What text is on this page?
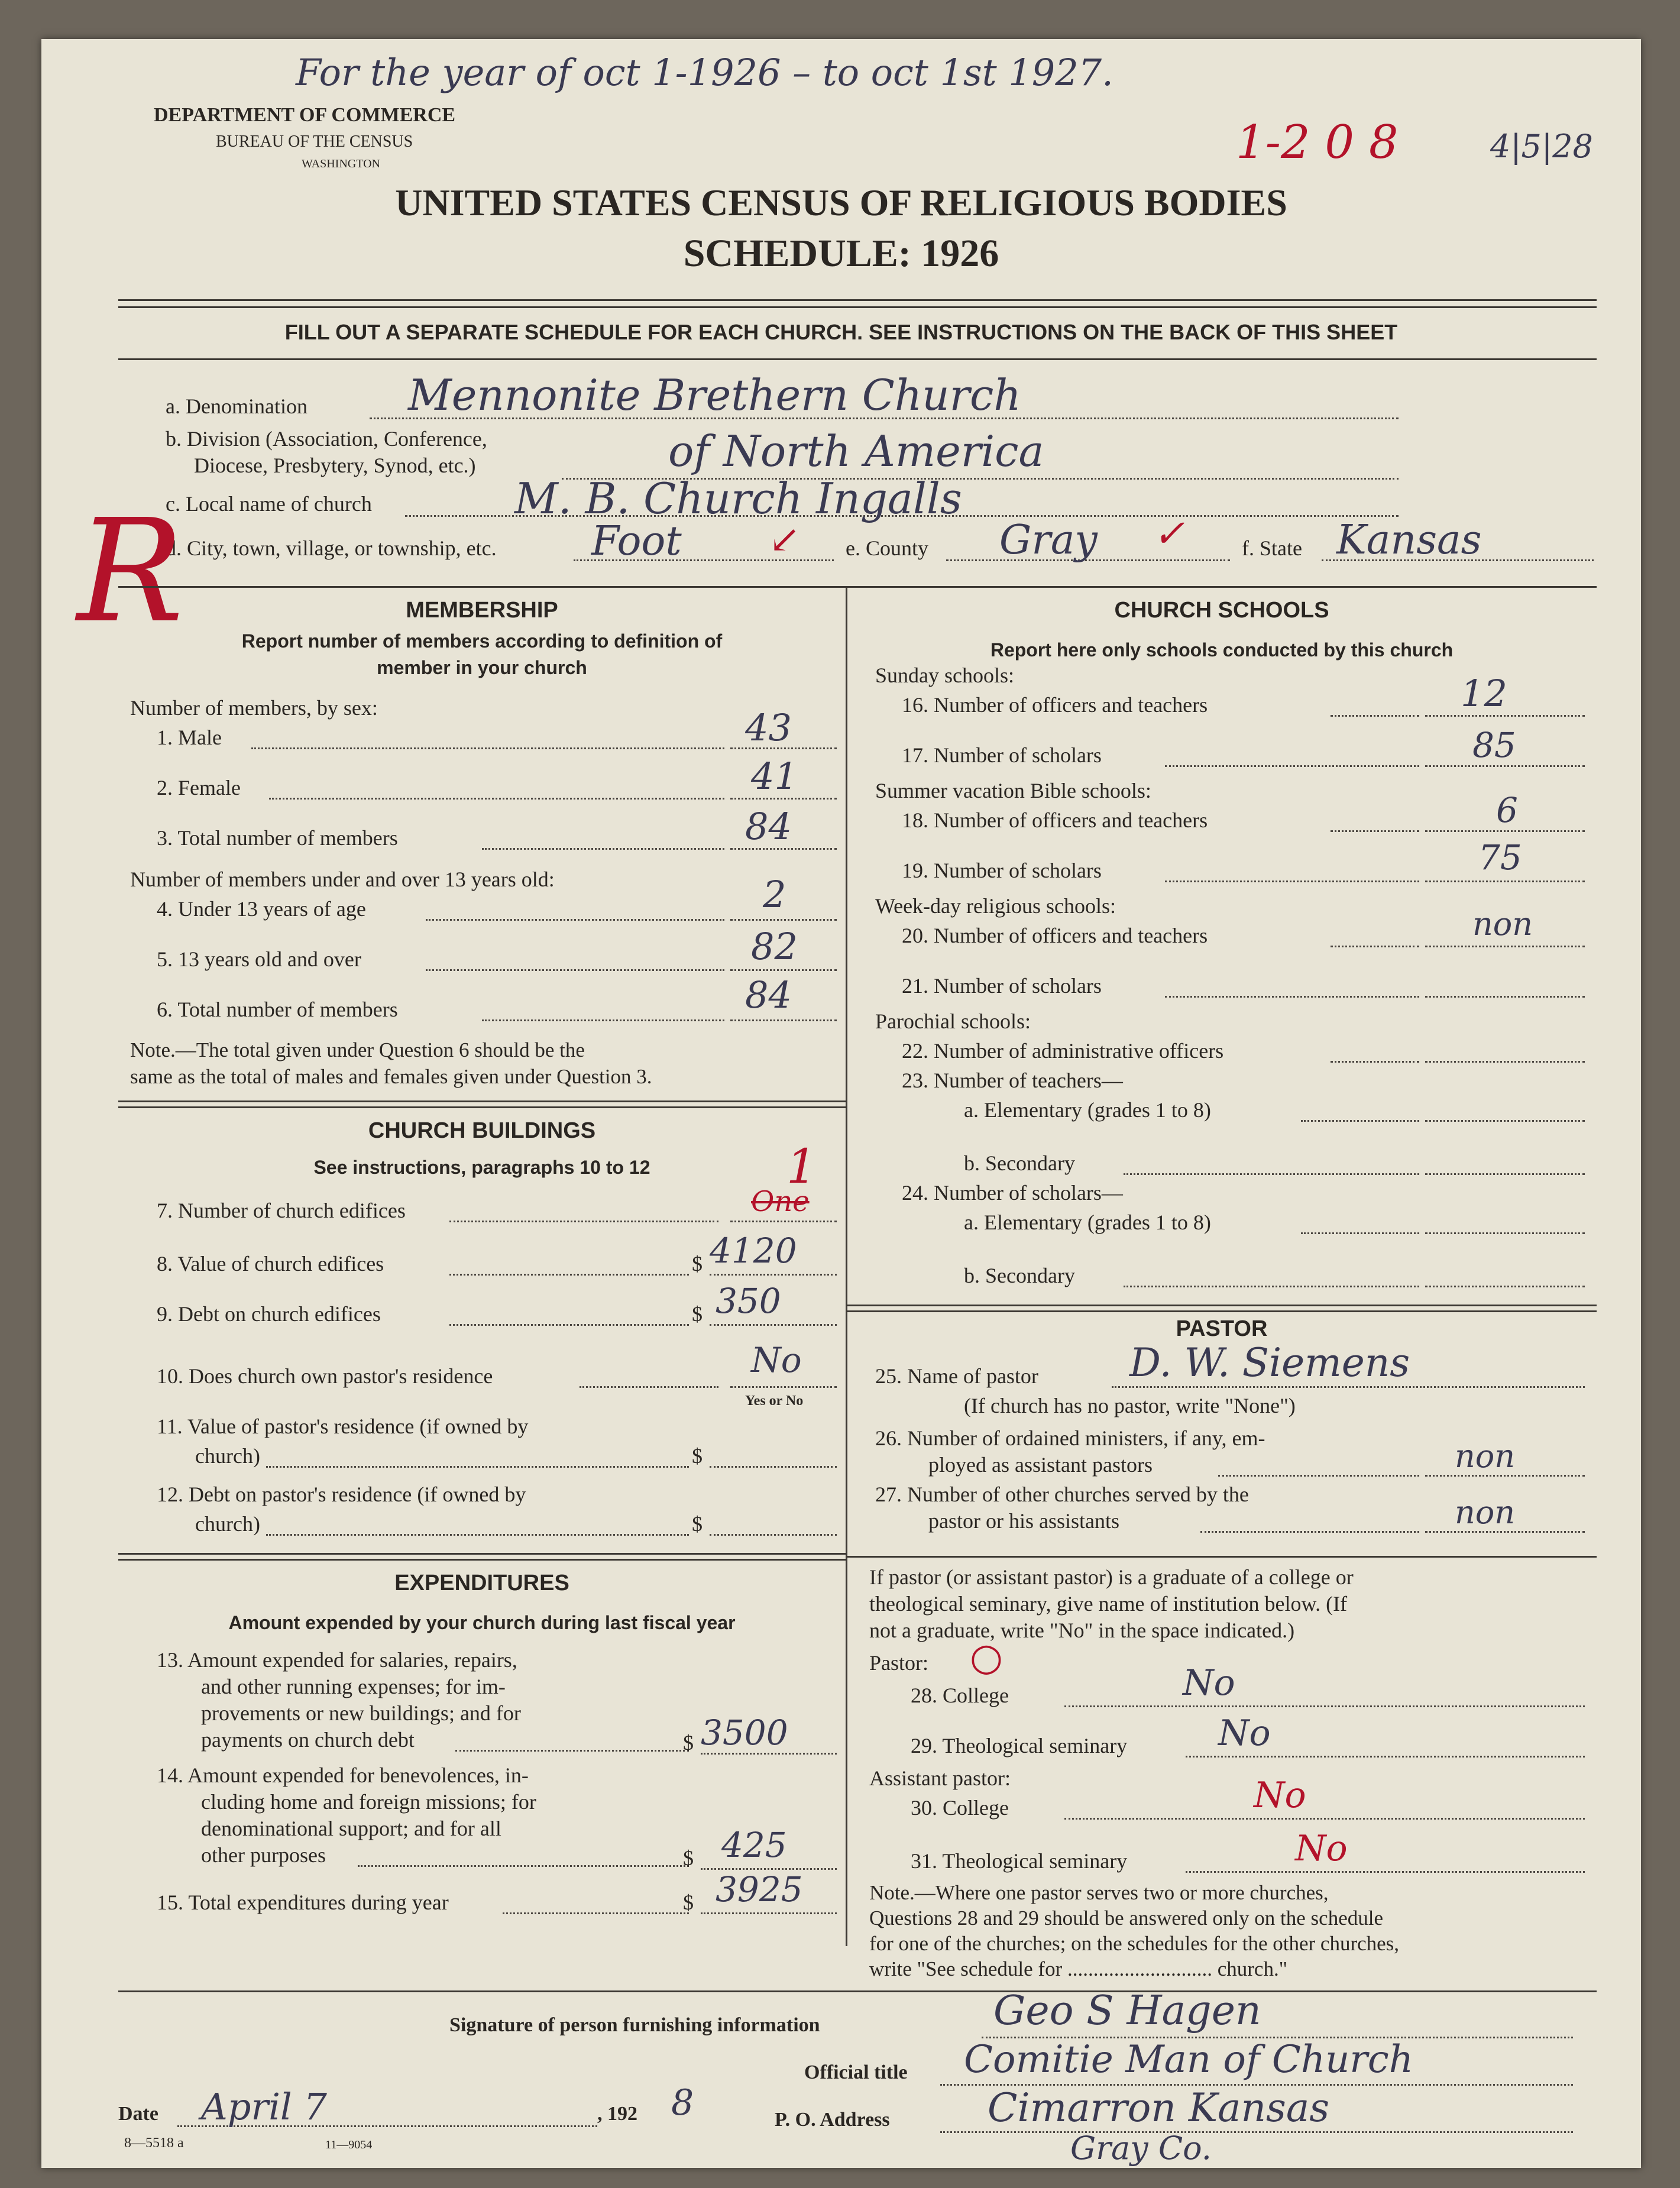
For the year of oct 1-1926 – to oct 1st 1927.
1-2 0 8	4|5|28
DEPARTMENT OF COMMERCE
BUREAU OF THE CENSUS
WASHINGTON
UNITED STATES CENSUS OF RELIGIOUS BODIES
SCHEDULE: 1926
FILL OUT A SEPARATE SCHEDULE FOR EACH CHURCH. SEE INSTRUCTIONS ON THE BACK OF THIS SHEET
a. Denomination Mennonite Brethern Church
b. Division (Association, Conference,
Diocese, Presbytery, Synod, etc.)	of North America
c. Local name of church	M. B. Church Ingalls
d. City, town, village, or township, etc. Foot ↙ e. County Gray ✓	f. State Kansas
R	MEMBERSHIP
Report number of members according to definition of
member in your church
Number of members, by sex:
1. Male	43
2. Female	41
3. Total number of members	84
Number of members under and over 13 years old:
4. Under 13 years of age	2
5. 13 years old and over	82
6. Total number of members	84
Note.—The total given under Question 6 should be the
same as the total of males and females given under Question 3.
CHURCH BUILDINGS
See instructions, paragraphs 10 to 12
7. Number of church edifices	One
1
8. Value of church edifices	$ 4120
9. Debt on church edifices	$ 350
10. Does church own pastor's residence	No
Yes or No
11. Value of pastor's residence (if owned by
church)	$
12. Debt on pastor's residence (if owned by
church)	$
EXPENDITURES
Amount expended by your church during last fiscal year
13. Amount expended for salaries, repairs,
and other running expenses; for im-
provements or new buildings; and for
payments on church debt	$ 3500
14. Amount expended for benevolences, in-
cluding home and foreign missions; for
denominational support; and for all
other purposes	$ 425
15. Total expenditures during year	$ 3925
CHURCH SCHOOLS
Report here only schools conducted by this church
Sunday schools:
16. Number of officers and teachers	12
17. Number of scholars	85
Summer vacation Bible schools:
18. Number of officers and teachers	6
19. Number of scholars	75
Week-day religious schools:
20. Number of officers and teachers	non
21. Number of scholars
Parochial schools:
22. Number of administrative officers
23. Number of teachers—
a. Elementary (grades 1 to 8)
b. Secondary
24. Number of scholars—
a. Elementary (grades 1 to 8)
b. Secondary
PASTOR
25. Name of pastor D. W. Siemens
(If church has no pastor, write "None")
26. Number of ordained ministers, if any, em-
ployed as assistant pastors	non
27. Number of other churches served by the
pastor or his assistants	non
If pastor (or assistant pastor) is a graduate of a college or
theological seminary, give name of institution below. (If
not a graduate, write "No" in the space indicated.)
Pastor: ○
28. College	No
29. Theological seminary	No
Assistant pastor:
30. College	No
31. Theological seminary	No
Note.—Where one pastor serves two or more churches,
Questions 28 and 29 should be answered only on the schedule
for one of the churches; on the schedules for the other churches,
write "See schedule for ............................ church."
Signature of person furnishing information	Geo S Hagen
Official title Comitie Man of Church
Date April 7	, 192 8	P. O. Address	Cimarron Kansas
8—5518 a	11—9054	Gray Co.
